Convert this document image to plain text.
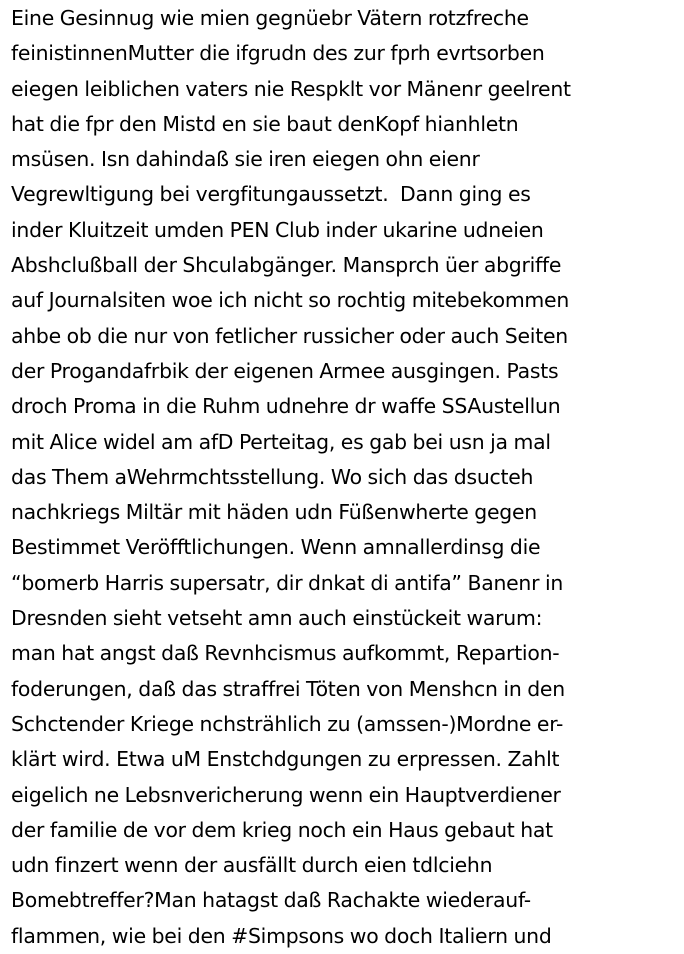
Eine Gesinnug wie mien gegnüebr Vätern rotzfreche
feinistinnenMutter die ifgrudn des zur fprh evrtsorben
eiegen leiblichen vaters nie Respklt vor Mänenr geelrent
hat die fpr den Mistd en sie baut denKopf hianhletn
msüsen. Isn dahindaß sie iren eiegen ohn eienr
Vegrewltigung bei vergfitungaussetzt.  Dann ging es
inder Kluitzeit umden PEN Club inder ukarine udneien
Abshclußball der Shculabgänger. Mansprch üer abgriffe
auf Journalsiten woe ich nicht so rochtig mitebekommen
ahbe ob die nur von fetlicher russicher oder auch Seiten
der Progandafrbik der eigenen Armee ausgingen. Pasts
droch Proma in die Ruhm udnehre dr waffe SSAustellun
mit Alice widel am afD Perteitag, es gab bei usn ja mal
das Them aWehrmchtsstellung. Wo sich das dsucteh
nachkriegs Miltär mit häden udn Füßenwherte gegen
Bestimmet Veröfftlichungen. Wenn amnallerdinsg die
“bomerb Harris supersatr, dir dnkat di antifa” Banenr in
Dresnden sieht vetseht amn auch einstückeit warum:
man hat angst daß Revnhcismus aufkommt, Repartion-
foderungen, daß das straffrei Töten von Menshcn in den
Schctender Kriege nchstrählich zu (amssen-)Mordne er-
klärt wird. Etwa uM Enstchdgungen zu erpressen. Zahlt
eigelich ne Lebsnvericherung wenn ein Hauptverdiener
der familie de vor dem krieg noch ein Haus gebaut hat
udn finzert wenn der ausfällt durch eien tdlciehn
Bomebtreffer?Man hatagst daß Rachakte wiederauf-
flammen, wie bei den #Simpsons wo doch Italiern und
